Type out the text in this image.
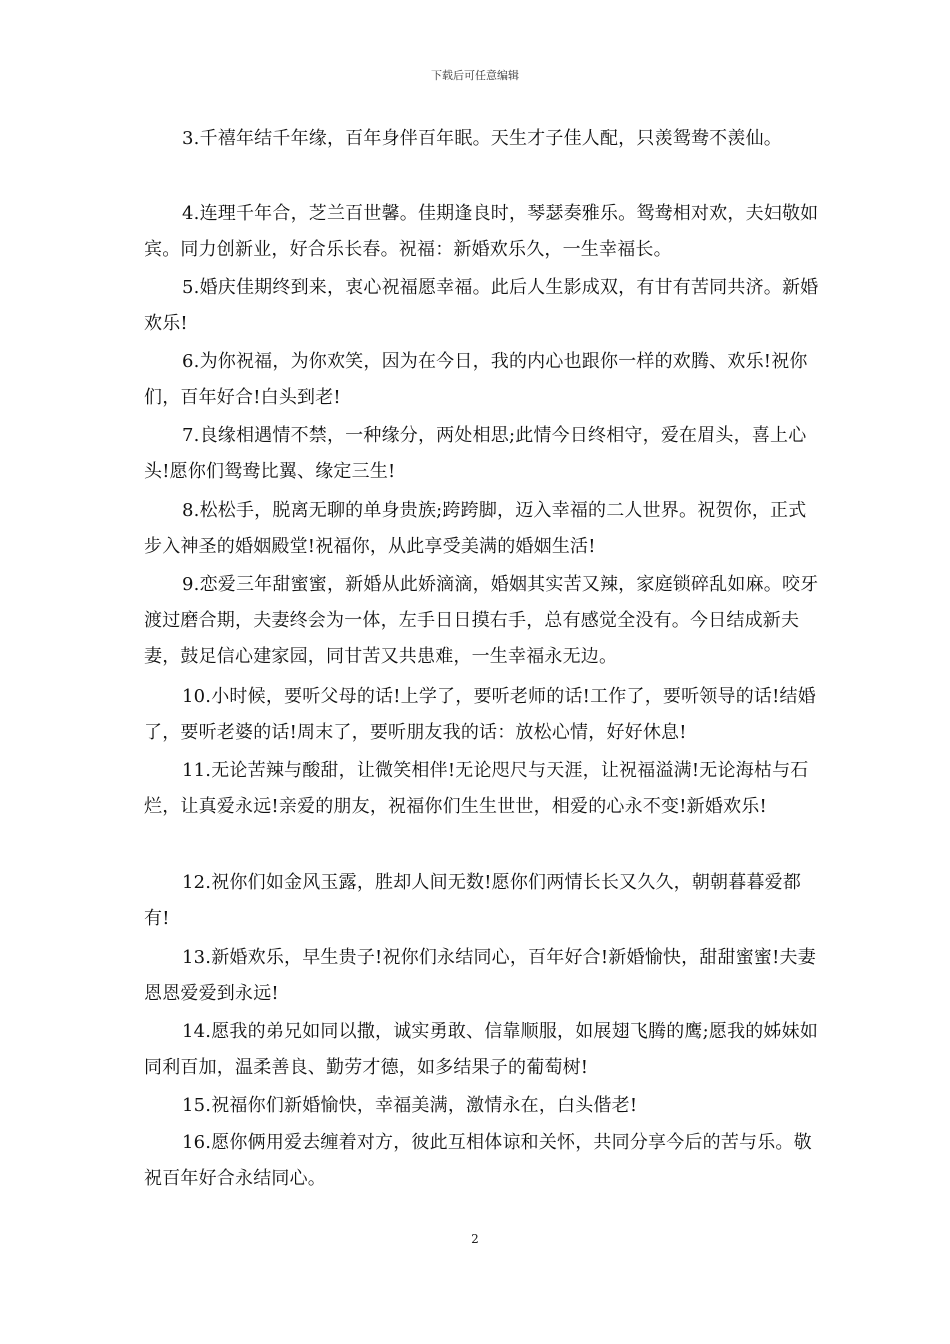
下载后可任意编辑

3.千禧年结千年缘，百年身伴百年眠。天生才子佳人配，只羡鸳鸯不羡仙。

4.连理千年合，芝兰百世馨。佳期逢良时，琴瑟奏雅乐。鸳鸯相对欢，夫妇敬如宾。同力创新业，好合乐长春。祝福：新婚欢乐久，一生幸福长。

5.婚庆佳期终到来，衷心祝福愿幸福。此后人生影成双，有甘有苦同共济。新婚欢乐!

6.为你祝福，为你欢笑，因为在今日，我的内心也跟你一样的欢腾、欢乐!祝你们，百年好合!白头到老!

7.良缘相遇情不禁，一种缘分，两处相思;此情今日终相守，爱在眉头，喜上心头!愿你们鸳鸯比翼、缘定三生!

8.松松手，脱离无聊的单身贵族;跨跨脚，迈入幸福的二人世界。祝贺你，正式步入神圣的婚姻殿堂!祝福你，从此享受美满的婚姻生活!

9.恋爱三年甜蜜蜜，新婚从此娇滴滴，婚姻其实苦又辣，家庭锁碎乱如麻。咬牙渡过磨合期，夫妻终会为一体，左手日日摸右手，总有感觉全没有。今日结成新夫妻，鼓足信心建家园，同甘苦又共患难，一生幸福永无边。

10.小时候，要听父母的话!上学了，要听老师的话!工作了，要听领导的话!结婚了，要听老婆的话!周末了，要听朋友我的话：放松心情，好好休息!

11.无论苦辣与酸甜，让微笑相伴!无论咫尺与天涯，让祝福溢满!无论海枯与石烂，让真爱永远!亲爱的朋友，祝福你们生生世世，相爱的心永不变!新婚欢乐!

12.祝你们如金风玉露，胜却人间无数!愿你们两情长长又久久，朝朝暮暮爱都有!

13.新婚欢乐，早生贵子!祝你们永结同心，百年好合!新婚愉快，甜甜蜜蜜!夫妻恩恩爱爱到永远!

14.愿我的弟兄如同以撒，诚实勇敢、信靠顺服，如展翅飞腾的鹰;愿我的姊妹如同利百加，温柔善良、勤劳才德，如多结果子的葡萄树!

15.祝福你们新婚愉快，幸福美满，激情永在，白头偕老!

16.愿你俩用爱去缠着对方，彼此互相体谅和关怀，共同分享今后的苦与乐。敬祝百年好合永结同心。

2
